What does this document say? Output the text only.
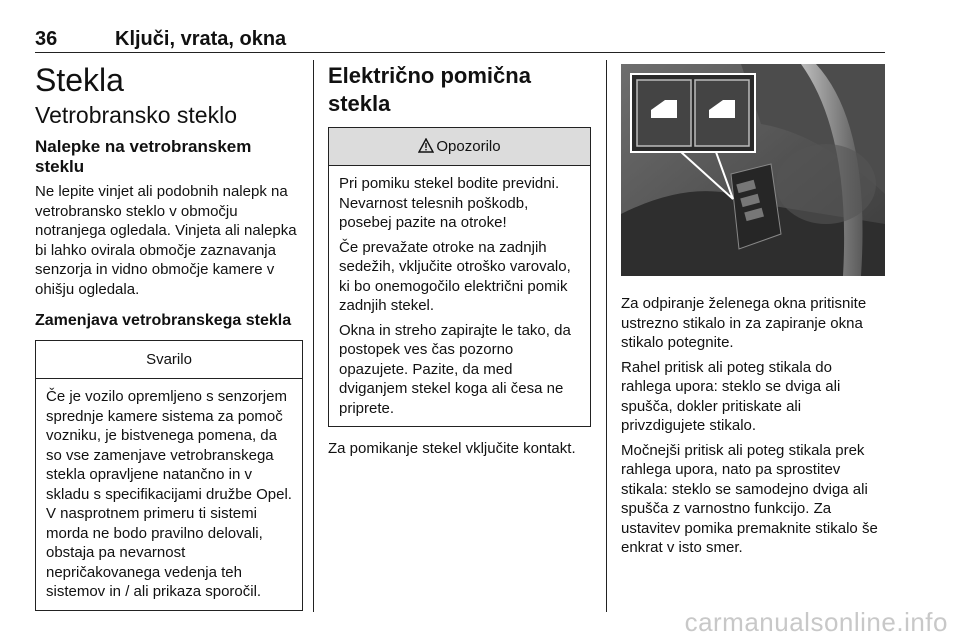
36	Ključi, vrata, okna
Stekla
Vetrobransko steklo
Nalepke na vetrobranskem steklu

Ne lepite vinjet ali podobnih nalepk na vetrobransko steklo v območju notranjega ogledala. Vinjeta ali nalepka bi lahko ovirala območje zaznavanja senzorja in vidno območje kamere v ohišju ogledala.

Zamenjava vetrobranskega stekla
Svarilo

Če je vozilo opremljeno s senzorjem sprednje kamere sistema za pomoč vozniku, je bistvenega pomena, da so vse zamenjave vetrobranskega stekla opravljene natančno in v skladu s specifikacijami družbe Opel. V nasprotnem primeru ti sistemi morda ne bodo pravilno delovali, obstaja pa nevarnost nepričakovanega vedenja teh sistemov in / ali prikaza sporočil.

Električno pomična stekla
Opozorilo

Pri pomiku stekel bodite previdni. Nevarnost telesnih poškodb, posebej pazite na otroke!

Če prevažate otroke na zadnjih sedežih, vključite otroško varovalo, ki bo onemogočilo električni pomik zadnjih stekel.

Okna in streho zapirajte le tako, da postopek ves čas pozorno opazujete. Pazite, da med dviganjem stekel koga ali česa ne priprete.

Za pomikanje stekel vključite kontakt.

Za odpiranje želenega okna pritisnite ustrezno stikalo in za zapiranje okna stikalo potegnite.

Rahel pritisk ali poteg stikala do rahlega upora: steklo se dviga ali spušča, dokler pritiskate ali privzdigujete stikalo.

Močnejši pritisk ali poteg stikala prek rahlega upora, nato pa sprostitev stikala: steklo se samodejno dviga ali spušča z varnostno funkcijo. Za ustavitev pomika premaknite stikalo še enkrat v isto smer.

carmanualsonline.info
